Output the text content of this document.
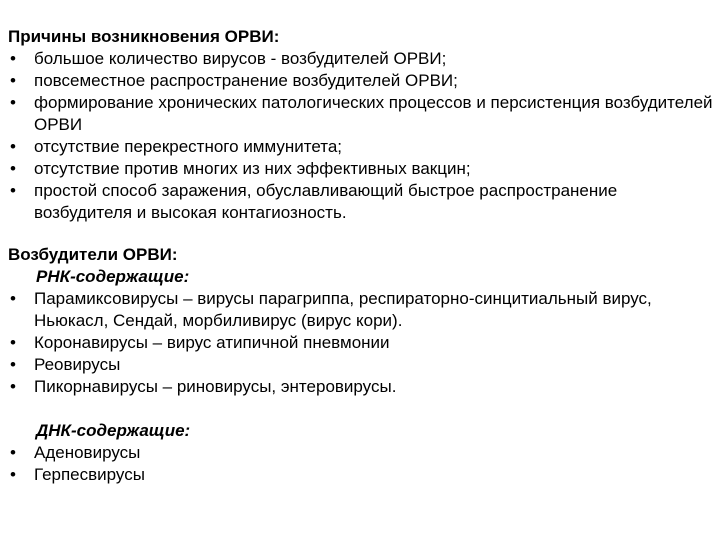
Причины возникновения ОРВИ:
• большое количество вирусов - возбудителей ОРВИ;
• повсеместное распространение возбудителей ОРВИ;
• формирование хронических патологических процессов и персистенция возбудителей ОРВИ
• отсутствие перекрестного иммунитета;
• отсутствие против многих из них эффективных вакцин;
• простой способ заражения, обуславливающий быстрое распространение возбудителя и высокая контагиозность.
Возбудители ОРВИ:
РНК-содержащие:
• Парамиксовирусы – вирусы парагриппа, респираторно-синцитиальный вирус, Ньюкасл, Сендай, морбиливирус (вирус кори).
• Коронавирусы – вирус атипичной пневмонии
• Реовирусы
• Пикорнавирусы – риновирусы, энтеровирусы.
ДНК-содержащие:
• Аденовирусы
• Герпесвирусы
